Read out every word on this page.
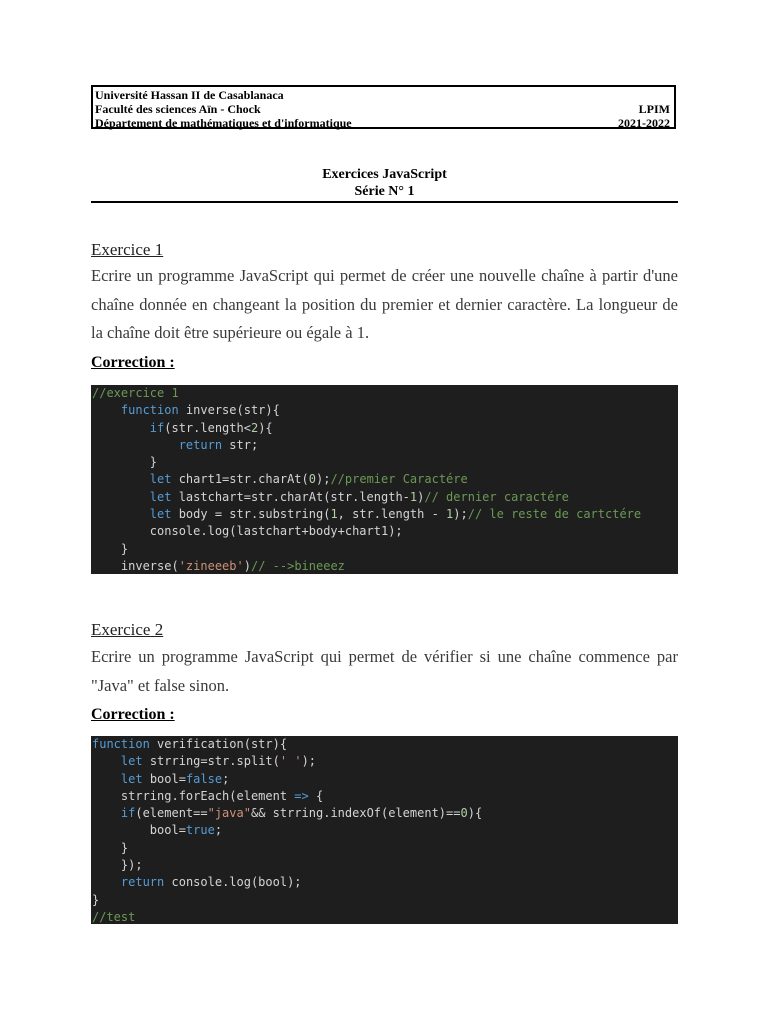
Université Hassan II de Casablanaca
Faculté des sciences Aïn - Chock
Département de mathématiques et d'informatique
LPIM
2021-2022
Exercices JavaScript
Série N° 1
Exercice 1
Ecrire un programme JavaScript qui permet de créer une nouvelle chaîne à partir d'une chaîne donnée en changeant la position du premier et dernier caractère. La longueur de la chaîne doit être supérieure ou égale à 1.
Correction :
//exercice 1
function inverse(str){
if(str.length<2){
return str;
}
let chart1=str.charAt(0);//premier Caractére
let lastchart=str.charAt(str.length-1)// dernier caractére
let body = str.substring(1, str.length - 1);// le reste de cartctére
console.log(lastchart+body+chart1);
}
inverse('zineeeb')// -->bineeez
Exercice 2
Ecrire un programme JavaScript qui permet de vérifier si une chaîne commence par "Java" et false sinon.
Correction :
function verification(str){
let strring=str.split(' ');
let bool=false;
strring.forEach(element => {
if(element=="java"&& strring.indexOf(element)==0){
bool=true;
}
});
return console.log(bool);
}
//test
